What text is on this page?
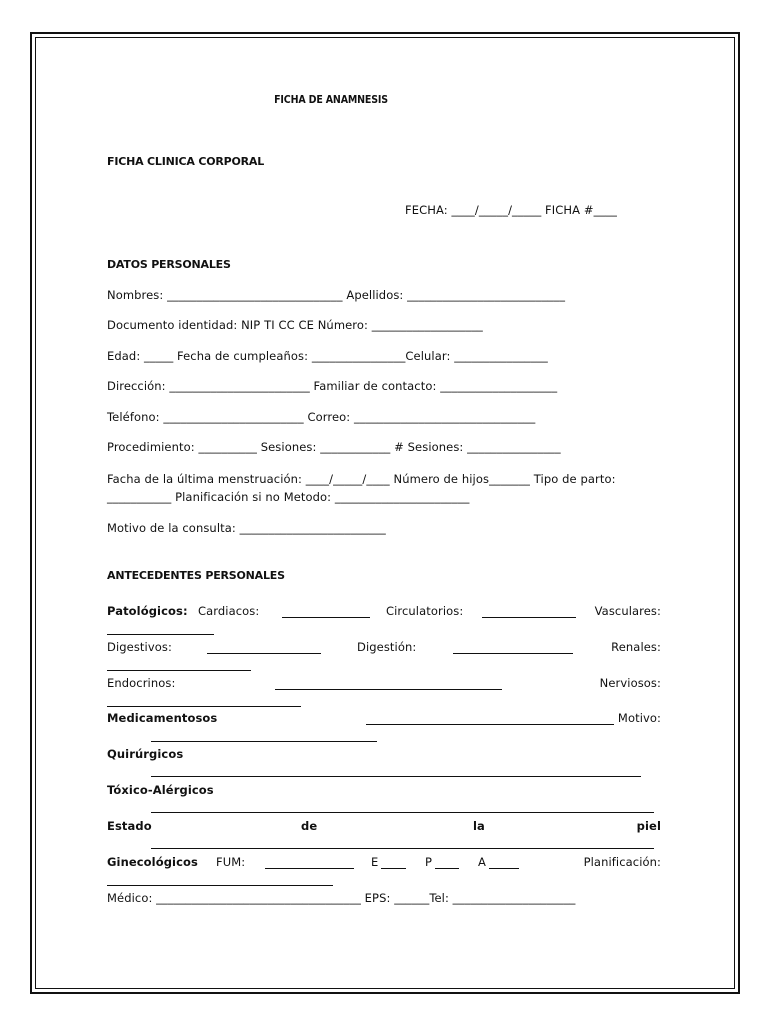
FICHA DE ANAMNESIS
FICHA CLINICA CORPORAL
FECHA: ____/_____/_____ FICHA #____
DATOS PERSONALES
Nombres: ______________________________ Apellidos: ___________________________
Documento identidad: NIP TI CC CE Número: ___________________
Edad: _____ Fecha de cumpleaños: ________________Celular: ________________
Dirección: ________________________ Familiar de contacto: ____________________
Teléfono: ________________________ Correo: _______________________________
Procedimiento: __________ Sesiones: ____________ # Sesiones: ________________
Facha de la última menstruación: ____/_____/____ Número de hijos_______ Tipo de parto:
___________ Planificación si no Metodo: _______________________
Motivo de la consulta: _________________________
ANTECEDENTES PERSONALES
Patológicos: Cardiacos:	Circulatorios:	Vasculares:
Digestivos:	Digestión:	Renales:
Endocrinos:	Nerviosos:
Medicamentosos	Motivo:
Quirúrgicos
Tóxico-Alérgicos
Estado	de	la	piel
Ginecológicos FUM:	E	P	A	Planificación:
Médico: ___________________________________ EPS: ______Tel: _____________________
